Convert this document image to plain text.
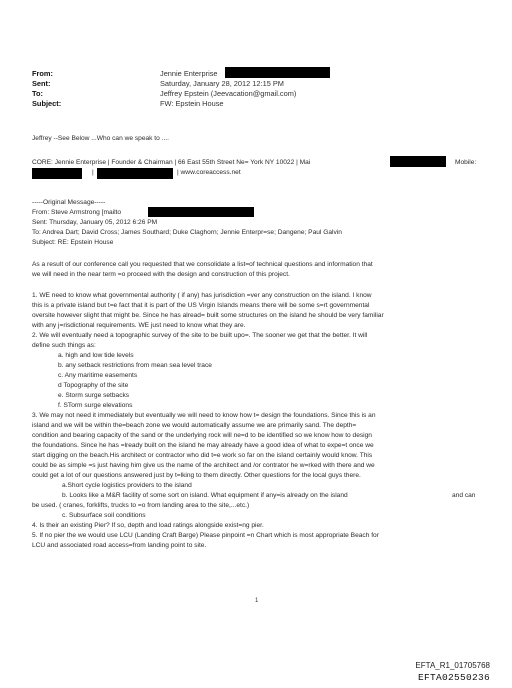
From:	Jennie Enterprise
Sent:	Saturday, January 28, 2012 12:15 PM
To:	Jeffrey Epstein (Jeevacation@gmail.com)
Subject:	FW: Epstein House
Jeffrey --See Below ...Who can we speak to ....
CORE: Jennie Enterprise | Founder & Chairman | 66 East 55th Street Ne= York NY 10022 | Mai	Mobile:
|	| www.coreaccess.net
-----Original Message-----
From: Steve Armstrong [mailto
Sent: Thursday, January 05, 2012 6:26 PM
To: Andrea Dart; David Cross; James Southard; Duke Claghorn; Jennie Enterpr=se; Dangene; Paul Galvin
Subject: RE: Epstein House
As a result of our conference call you requested that we consolidate a list=of technical questions and information that
we will need in the near term =o proceed with the design and construction of this project.
1. WE need to know what governmental authority ( if any) has jurisdiction =ver any construction on the island. I know
this is a private island but t=e fact that it is part of the US Virgin Islands means there will be some s=rt governmental
oversite however slight that might be. Since he has alread= built some structures on the island he should be very familiar
with any j=risdictional requirements. WE just need to know what they are.
2. We will eventually need a topographic survey of the site to be built upo=. The sooner we get that the better. It will
define such things as:
a. high and low tide levels
b. any setback restrictions from mean sea level trace
c. Any maritime easements
d Topography of the site
e. Storm surge setbacks
f. STorm surge elevations
3. We may not need it immediately but eventually we will need to know how t= design the foundations. Since this is an
island and we will be within the=beach zone we would automatically assume we are primarily sand. The depth=
condition and bearing capacity of the sand or the underlying rock will ne=d to be identified so we know how to design
the foundations. Since he has =lready built on the island he may already have a good idea of what to expe=t once we
start digging on the beach.His architect or contractor who did t=e work so far on the island certainly would know. This
could be as simple =s just having him give us the name of the architect and /or contrator he w=rked with there and we
could get a lot of our questions answered just by t=lking to them directly. Other questions for the local guys there.
a.Short cycle logistics providers to the island
b. Looks like a M&R facility of some sort on island. What equipment if any=is already on the island	and can
be used. ( cranes, forklifts, trucks to =o from landing area to the site,...etc.)
c. Subsurface soil conditions
4. Is their an existing Pier? If so, depth and load ratings alongside exist=ng pier.
5. If no pier the we would use LCU (Landing Craft Barge) Please pinpoint =n Chart which is most appropriate Beach for
LCU and associated road access=from landing point to site.
1
EFTA_R1_01705768
EFTA02550236
